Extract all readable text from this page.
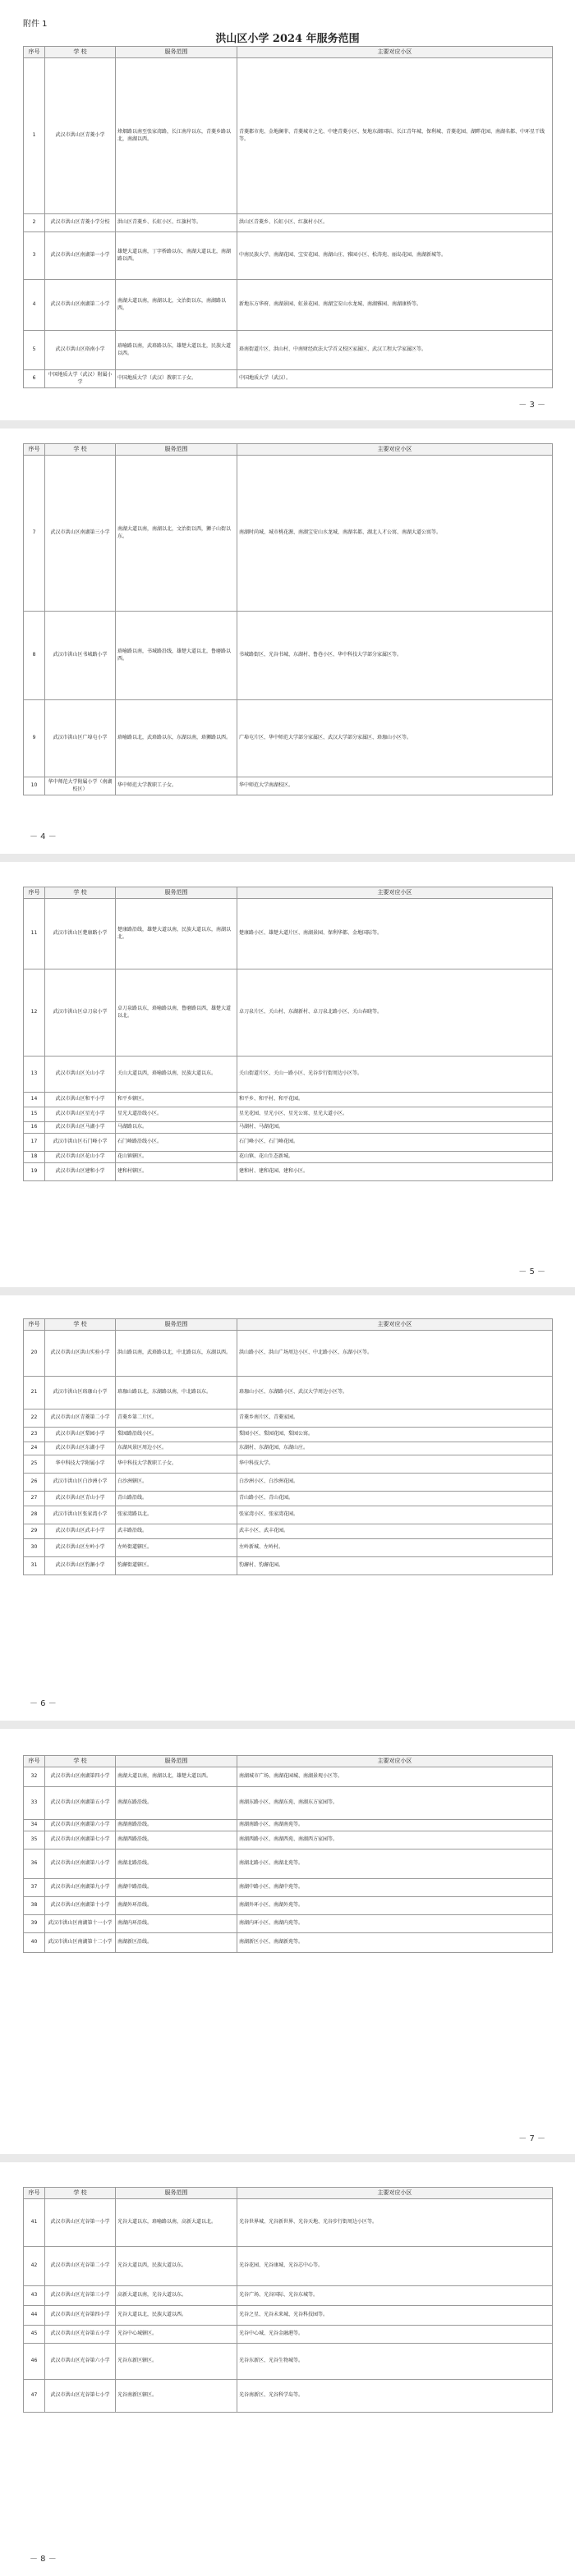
附件 1
洪山区小学 2024 年服务范围
－ 3 －
－ 4 －
－ 5 －
－ 6 －
－ 7 －
－ 8 －
序号	学 校	服务范围	主要对应小区
1	武汉市洪山区青菱小学	烽烟路以南至张家湾路，长江南岸以东，青菱乡路以北，南湖以西。	青菱都市苑、金地澜菲、青菱城市之光、中建青菱小区、复地东湖国际、长江青年城、保利城、青菱花园、湖畔花园、南湖名都、中环星干线等。
2	武汉市洪山区青菱小学分校	洪山区青菱乡、长虹小区、红旗村等。	洪山区青菱乡、长虹小区、红旗村小区。
3	武汉市洪山区南湖第一小学	雄楚大道以南，丁字桥路以东，南湖大道以北，南湖路以西。	中南民族大学、南湖花园、宝安花园、南湖山庄、雅园小区、松涛苑、丽岛花园、南湖新城等。
4	武汉市洪山区南湖第二小学	南湖大道以南，南湖以北，文治街以东，南湖路以西。	新地东方华府、南湖景园、虹景花园、南湖宝安山水龙城、南湖雅园、南湖康桥等。
5	武汉市洪山区珞南小学	珞喻路以南，武珞路以东，雄楚大道以北，民族大道以西。	珞南街道片区、洪山村、中南财经政法大学首义校区家属区、武汉工程大学家属区等。
6	中国地质大学（武汉）附属小学	中国地质大学（武汉）教职工子女。	中国地质大学（武汉）。
序号	学 校	服务范围	主要对应小区
7	武汉市洪山区南湖第三小学	南湖大道以南，南湖以北，文治街以西，狮子山街以东。	南湖时尚城、城市桃花源、南湖宝安山水龙城、南湖名都、湖北人才公寓、南湖大道公寓等。
8	武汉市洪山区书城路小学	珞喻路以南，书城路沿线，雄楚大道以北，鲁磨路以西。	书城路街区、光谷书城、东湖村、鲁巷小区、华中科技大学部分家属区等。
9	武汉市洪山区广埠屯小学	珞喻路以北，武珞路以东，东湖以南，珞狮路以西。	广埠屯片区、华中师范大学部分家属区、武汉大学部分家属区、珞珈山小区等。
10	华中师范大学附属小学（南湖校区）	华中师范大学教职工子女。	华中师范大学南湖校区。
序号	学 校	服务范围	主要对应小区
11	武汉市洪山区楚康路小学	楚康路沿线，雄楚大道以南，民族大道以东，南湖以北。	楚康路小区、雄楚大道片区、南湖景园、保利华都、金地国际等。
12	武汉市洪山区卓刀泉小学	卓刀泉路以东，珞喻路以南，鲁磨路以西，雄楚大道以北。	卓刀泉片区、关山村、东湖新村、卓刀泉北路小区、关山春晓等。
13	武汉市洪山区关山小学	关山大道以西，珞喻路以南，民族大道以东。	关山街道片区、关山一路小区、光谷步行街周边小区等。
14	武汉市洪山区和平小学	和平乡辖区。	和平乡、和平村、和平花园。
15	武汉市洪山区星光小学	星光大道沿线小区。	星光花园、星光小区、星光公寓、星光大道小区。
16	武汉市洪山区马湖小学	马湖路以东。	马湖村、马湖花园。
17	武汉市洪山区石门峰小学	石门峰路沿线小区。	石门峰小区、石门峰花园。
18	武汉市洪山区花山小学	花山镇辖区。	花山镇、花山生态新城。
19	武汉市洪山区建和小学	建和村辖区。	建和村、建和花园、建和小区。
序号	学 校	服务范围	主要对应小区
20	武汉市洪山区洪山实验小学	洪山路以南，武珞路以北，中北路以东，东湖以西。	洪山路小区、洪山广场周边小区、中北路小区、东湖小区等。
21	武汉市洪山区珞珈山小学	珞珈山路以北，东湖路以南，中北路以东。	珞珈山小区、东湖路小区、武汉大学周边小区等。
22	武汉市洪山区青菱第二小学	青菱乡第二片区。	青菱乡南片区、青菱家园。
23	武汉市洪山区梨园小学	梨园路沿线小区。	梨园小区、梨园花园、梨园公寓。
24	武汉市洪山区东湖小学	东湖风景区周边小区。	东湖村、东湖花园、东湖山庄。
25	华中科技大学附属小学	华中科技大学教职工子女。	华中科技大学。
26	武汉市洪山区白沙洲小学	白沙洲辖区。	白沙洲小区、白沙洲花园。
27	武汉市洪山区青山小学	青山路沿线。	青山路小区、青山花园。
28	武汉市洪山区张家湾小学	张家湾路以北。	张家湾小区、张家湾花园。
29	武汉市洪山区武丰小学	武丰路沿线。	武丰小区、武丰花园。
30	武汉市洪山区左岭小学	左岭街道辖区。	左岭新城、左岭村。
31	武汉市洪山区豹澥小学	豹澥街道辖区。	豹澥村、豹澥花园。
序号	学 校	服务范围	主要对应小区
32	武汉市洪山区南湖第四小学	南湖大道以南，南湖以北，雄楚大道以西。	南湖城市广场、南湖花园城、南湖景观小区等。
33	武汉市洪山区南湖第五小学	南湖东路沿线。	南湖东路小区、南湖东苑、南湖东方家园等。
34	武汉市洪山区南湖第六小学	南湖南路沿线。	南湖南路小区、南湖南苑等。
35	武汉市洪山区南湖第七小学	南湖西路沿线。	南湖西路小区、南湖西苑、南湖西方家园等。
36	武汉市洪山区南湖第八小学	南湖北路沿线。	南湖北路小区、南湖北苑等。
37	武汉市洪山区南湖第九小学	南湖中路沿线。	南湖中路小区、南湖中苑等。
38	武汉市洪山区南湖第十小学	南湖外环沿线。	南湖外环小区、南湖外苑等。
39	武汉市洪山区南湖第十一小学	南湖内环沿线。	南湖内环小区、南湖内苑等。
40	武汉市洪山区南湖第十二小学	南湖新区沿线。	南湖新区小区、南湖新苑等。
序号	学 校	服务范围	主要对应小区
41	武汉市洪山区光谷第一小学	光谷大道以东，珞喻路以南，高新大道以北。	光谷世界城、光谷新世界、光谷天地、光谷步行街周边小区等。
42	武汉市洪山区光谷第二小学	光谷大道以西，民族大道以东。	光谷花园、光谷康城、光谷芯中心等。
43	武汉市洪山区光谷第三小学	高新大道以南，光谷大道以东。	光谷广场、光谷国际、光谷东城等。
44	武汉市洪山区光谷第四小学	光谷大道以北，民族大道以西。	光谷之星、光谷未来城、光谷科技园等。
45	武汉市洪山区光谷第五小学	光谷中心城辖区。	光谷中心城、光谷金融港等。
46	武汉市洪山区光谷第六小学	光谷东新区辖区。	光谷东新区、光谷生物城等。
47	武汉市洪山区光谷第七小学	光谷南新区辖区。	光谷南新区、光谷科学岛等。
